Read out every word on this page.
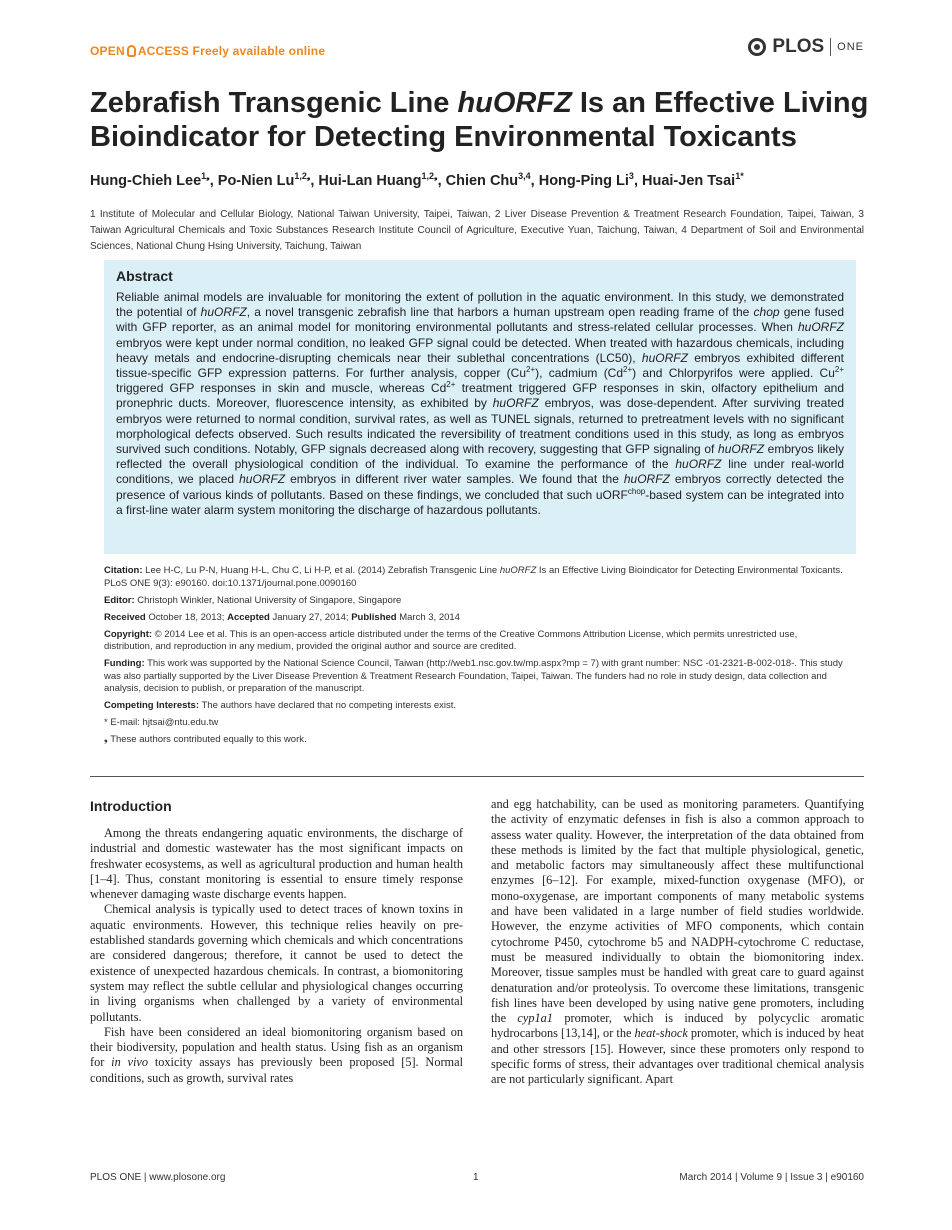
OPEN ACCESS Freely available online	PLOS ONE
Zebrafish Transgenic Line huORFZ Is an Effective Living Bioindicator for Detecting Environmental Toxicants
Hung-Chieh Lee$^{1❟}$, Po-Nien $Lu^{1,2❟}$, Hui-Lan Huang$^{1,2❟}$, Chien Chu$^{3,4}$, Hong-Ping Li$^3$, Huai-Jen Tsai$^{1*}$
1 Institute of Molecular and Cellular Biology, National Taiwan University, Taipei, Taiwan, 2 Liver Disease Prevention & Treatment Research Foundation, Taipei, Taiwan, 3 Taiwan Agricultural Chemicals and Toxic Substances Research Institute Council of Agriculture, Executive Yuan, Taichung, Taiwan, 4 Department of Soil and Environmental Sciences, National Chung Hsing University, Taichung, Taiwan
Abstract

Reliable animal models are invaluable for monitoring the extent of pollution in the aquatic environment. In this study, we demonstrated the potential of huORFZ, a novel transgenic zebrafish line that harbors a human upstream open reading frame of the chop gene fused with GFP reporter, as an animal model for monitoring environmental pollutants and stress-related cellular processes. When huORFZ embryos were kept under normal condition, no leaked GFP signal could be detected. When treated with hazardous chemicals, including heavy metals and endocrine-disrupting chemicals near their sublethal concentrations (LC50), huORFZ embryos exhibited different tissue-specific GFP expression patterns. For further analysis, copper $(Cu^{2+})$, cadmium $(Cd^{2+})$ and Chlorpyrifos were applied. $Cu^{2+}$ triggered GFP responses in skin and muscle, whereas $Cd^{2+}$ treatment triggered GFP responses in skin, olfactory epithelium and pronephric ducts. Moreover, fluorescence intensity, as exhibited by huORFZ embryos, was dose-dependent. After surviving treated embryos were returned to normal condition, survival rates, as well as TUNEL signals, returned to pretreatment levels with no significant morphological defects observed. Such results indicated the reversibility of treatment conditions used in this study, as long as embryos survived such conditions. Notably, GFP signals decreased along with recovery, suggesting that GFP signaling of huORFZ embryos likely reflected the overall physiological condition of the individual. To examine the performance of the huORFZ line under real-world conditions, we placed huORFZ embryos in different river water samples. We found that the huORFZ embryos correctly detected the presence of various kinds of pollutants. Based on these findings, we concluded that such uORF$^{chop}$-based system can be integrated into a first-line water alarm system monitoring the discharge of hazardous pollutants.

Citation: Lee H-C, Lu P-N, Huang H-L, Chu C, Li H-P, et al. (2014) Zebrafish Transgenic Line huORFZ Is an Effective Living Bioindicator for Detecting Environmental Toxicants. PLoS ONE 9(3): e90160. doi:10.1371/journal.pone.0090160

Editor: Christoph Winkler, National University of Singapore, Singapore

Received October 18, 2013; Accepted January 27, 2014; Published March 3, 2014

Copyright: © 2014 Lee et al. This is an open-access article distributed under the terms of the Creative Commons Attribution License, which permits unrestricted use, distribution, and reproduction in any medium, provided the original author and source are credited.

Funding: This work was supported by the National Science Council, Taiwan (http://web1.nsc.gov.tw/mp.aspx?mp = 7) with grant number: NSC -01-2321-B-002-018-. This study was also partially supported by the Liver Disease Prevention & Treatment Research Foundation, Taipei, Taiwan. The funders had no role in study design, data collection and analysis, decision to publish, or preparation of the manuscript.

Competing Interests: The authors have declared that no competing interests exist.

* E-mail: hjtsai@ntu.edu.tw

❟ These authors contributed equally to this work.

Introduction

Among the threats endangering aquatic environments, the discharge of industrial and domestic wastewater has the most significant impacts on freshwater ecosystems, as well as agricultural production and human health [1–4]. Thus, constant monitoring is essential to ensure timely response whenever damaging waste discharge events happen.

Chemical analysis is typically used to detect traces of known toxins in aquatic environments. However, this technique relies heavily on pre-established standards governing which chemicals and which concentrations are considered dangerous; therefore, it cannot be used to detect the existence of unexpected hazardous chemicals. In contrast, a biomonitoring system may reflect the subtle cellular and physiological changes occurring in living organisms when challenged by a variety of environmental pollutants.

Fish have been considered an ideal biomonitoring organism based on their biodiversity, population and health status. Using fish as an organism for in vivo toxicity assays has previously been proposed [5]. Normal conditions, such as growth, survival rates

and egg hatchability, can be used as monitoring parameters. Quantifying the activity of enzymatic defenses in fish is also a common approach to assess water quality. However, the interpretation of the data obtained from these methods is limited by the fact that multiple physiological, genetic, and metabolic factors may simultaneously affect these multifunctional enzymes [6–12]. For example, mixed-function oxygenase (MFO), or mono-oxygenase, are important components of many metabolic systems and have been validated in a large number of field studies worldwide. However, the enzyme activities of MFO components, which contain cytochrome P450, cytochrome b5 and NADPH-cytochrome C reductase, must be measured individually to obtain the biomonitoring index. Moreover, tissue samples must be handled with great care to guard against denaturation and/or proteolysis. To overcome these limitations, transgenic fish lines have been developed by using native gene promoters, including the cyp1a1 promoter, which is induced by polycyclic aromatic hydrocarbons [13,14], or the heat-shock promoter, which is induced by heat and other stressors [15]. However, since these promoters only respond to specific forms of stress, their advantages over traditional chemical analysis are not particularly significant. Apart

PLOS ONE | www.plosone.org	1	March 2014 | Volume 9 | Issue 3 | e90160
